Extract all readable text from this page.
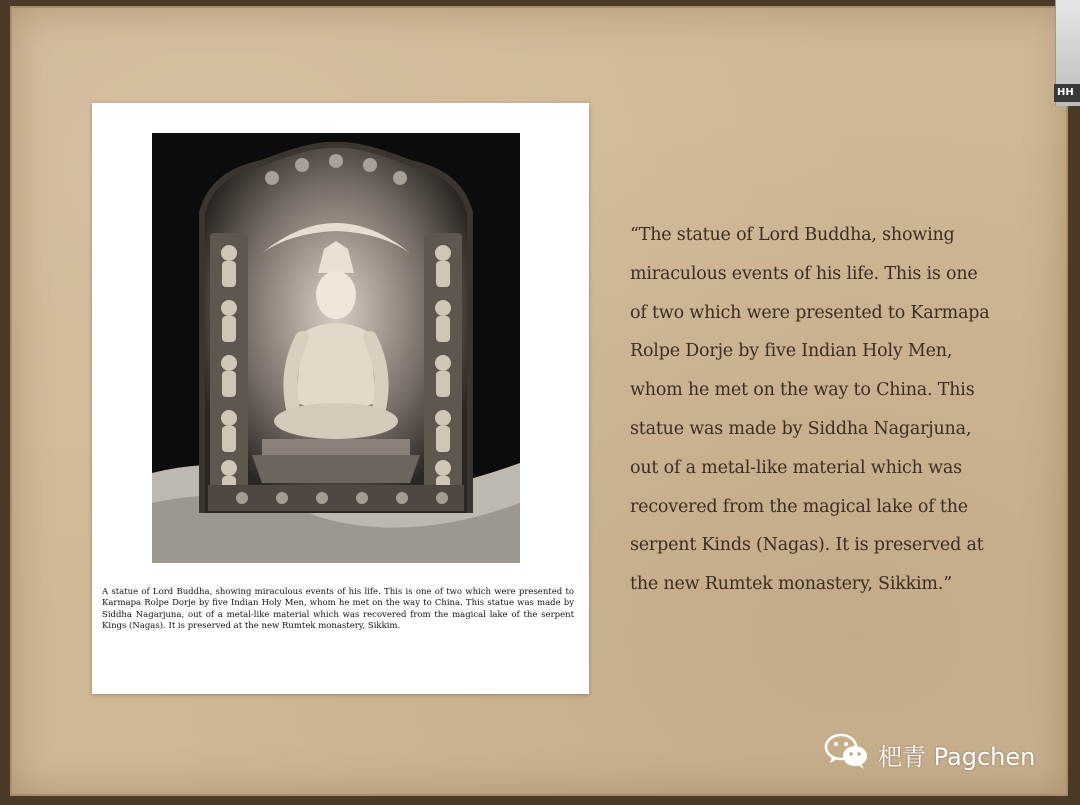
HH
A statue of Lord Buddha, showing miraculous events of his life. This is one of two which were presented to Karmapa Rolpe Dorje by five Indian Holy Men, whom he met on the way to China. This statue was made by Siddha Nagarjuna, out of a metal-like material which was recovered from the magical lake of the serpent Kings (Nagas). It is preserved at the new Rumtek monastery, Sikkim.
“The statue of Lord Buddha, showing
miraculous events of his life. This is one
of two which were presented to Karmapa
Rolpe Dorje by five Indian Holy Men,
whom he met on the way to China. This
statue was made by Siddha Nagarjuna,
out of a metal-like material which was
recovered from the magical lake of the
serpent Kinds (Nagas). It is preserved at
the new Rumtek monastery, Sikkim.”
杷青 Pagchen
